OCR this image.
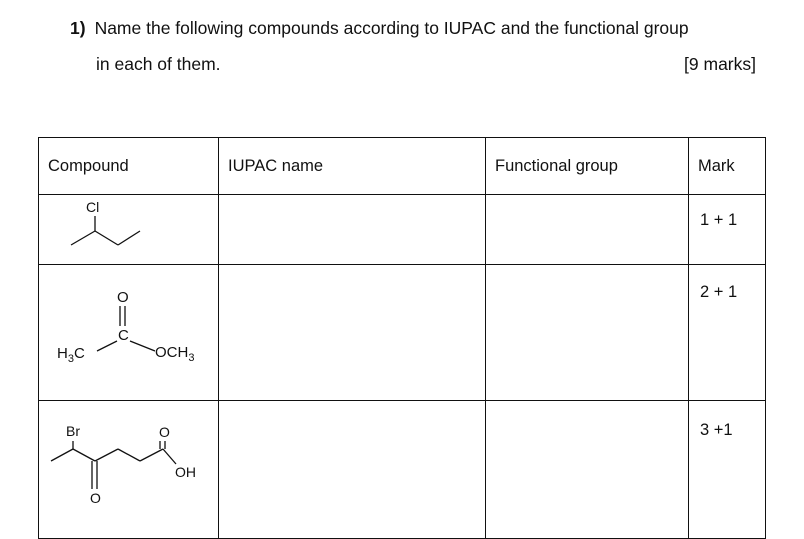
1) Name the following compounds according to IUPAC and the functional group
in each of them.	[9 marks]
Compound	IUPAC name	Functional group	Mark

Cl			1 + 1

O
C
$H_3C$ $OCH_3$			2 + 1

Br O
OH
O			3 +1
